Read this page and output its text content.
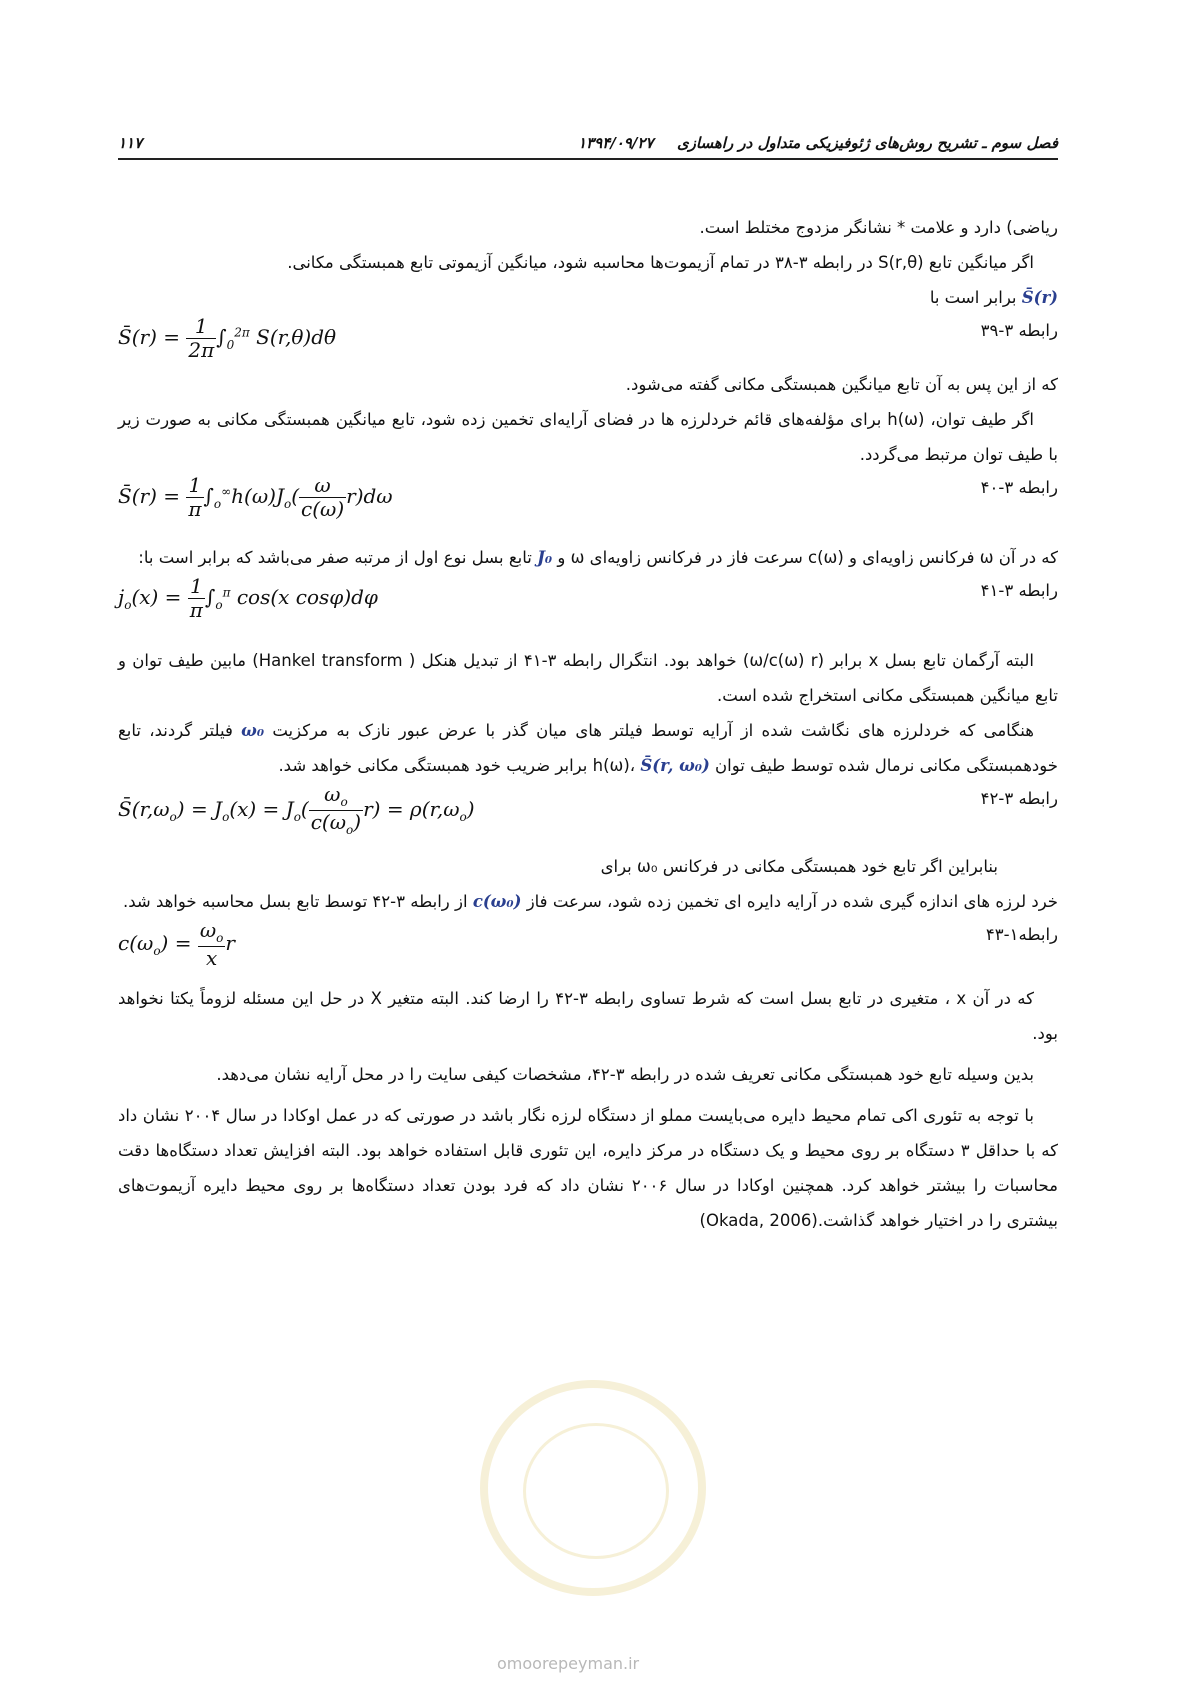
۱۱۷	۱۳۹۴/۰۹/۲۷ فصل سوم ـ تشریح روش‌های ژئوفیزیکی متداول در راهسازی

ریاضی) دارد و علامت * نشانگر مزدوج مختلط است.

اگر میانگین تابع S(r,θ) در رابطه ۳-۳۸ در تمام آزیموت‌ها محاسبه شود، میانگین آزیموتی تابع همبستگی مکانی.

S̄(r) برابر است با

رابطه ۳-۳۹
S̄(r) = $\frac{1}{2\pi} \int_0^{2\pi}$ S(r,θ)dθ

که از این پس به آن تابع میانگین همبستگی مکانی گفته می‌شود.

اگر طیف توان، h(ω) برای مؤلفه‌های قائم خردلرزه ها در فضای آرایه‌ای تخمین زده شود، تابع میانگین همبستگی مکانی به صورت زیر با طیف توان مرتبط می‌گردد.

رابطه ۳-۴۰
S̄(r) = $\frac{1}{\pi} \int_o^\infty h(\omega)J_o( \frac{\omega}{c(\omega)} r)d\omega$

که در آن ω فرکانس زاویه‌ای و c(ω) سرعت فاز در فرکانس زاویه‌ای ω و J₀ تابع بسل نوع اول از مرتبه صفر می‌باشد که برابر است با:

رابطه ۳-۴۱
$j_o(x) = \frac{1}{\pi} \int_o^\pi$ cos(x cosφ)dφ

البته آرگمان تابع بسل x برابر (ω/c(ω) r) خواهد بود. انتگرال رابطه ۳-۴۱ از تبدیل هنکل ( Hankel transform) مابین طیف توان و تابع میانگین همبستگی مکانی استخراج شده است.

هنگامی که خردلرزه های نگاشت شده از آرایه توسط فیلتر های میان گذر با عرض عبور نازک به مرکزیت ω₀ فیلتر گردند، تابع خودهمبستگی مکانی نرمال شده توسط طیف توان h(ω)، S̄(r, ω₀) برابر ضریب خود همبستگی مکانی خواهد شد.

رابطه ۳-۴۲
$S̄(r,\omega_o) = J_o(x) = J_o( \frac{\omega_o}{c(\omega_o)} r) = \rho(r,\omega_o)$

بنابراین اگر تابع خود همبستگی مکانی در فرکانس ω₀ برای

خرد لرزه های اندازه گیری شده در آرایه دایره ای تخمین زده شود، سرعت فاز c(ω₀) از رابطه ۳-۴۲ توسط تابع بسل محاسبه خواهد شد.

رابطه۱-۴۳
$c(\omega_o) = \frac{\omega_o}{x}$ r

که در آن x ، متغیری در تابع بسل است که شرط تساوی رابطه ۳-۴۲ را ارضا کند. البته متغیر X در حل این مسئله لزوماً یکتا نخواهد بود.

بدین وسیله تابع خود همبستگی مکانی تعریف شده در رابطه ۳-۴۲، مشخصات کیفی سایت را در محل آرایه نشان می‌دهد.

با توجه به تئوری اکی تمام محیط دایره می‌بایست مملو از دستگاه لرزه نگار باشد در صورتی که در عمل اوکادا در سال ۲۰۰۴ نشان داد که با حداقل ۳ دستگاه بر روی محیط و یک دستگاه در مرکز دایره، این تئوری قابل استفاده خواهد بود. البته افزایش تعداد دستگاه‌ها دقت محاسبات را بیشتر خواهد کرد. همچنین اوکادا در سال ۲۰۰۶ نشان داد که فرد بودن تعداد دستگاه‌ها بر روی محیط دایره آزیموت‌های بیشتری را در اختیار خواهد گذاشت.(Okada, 2006)

omoorepeyman.ir
